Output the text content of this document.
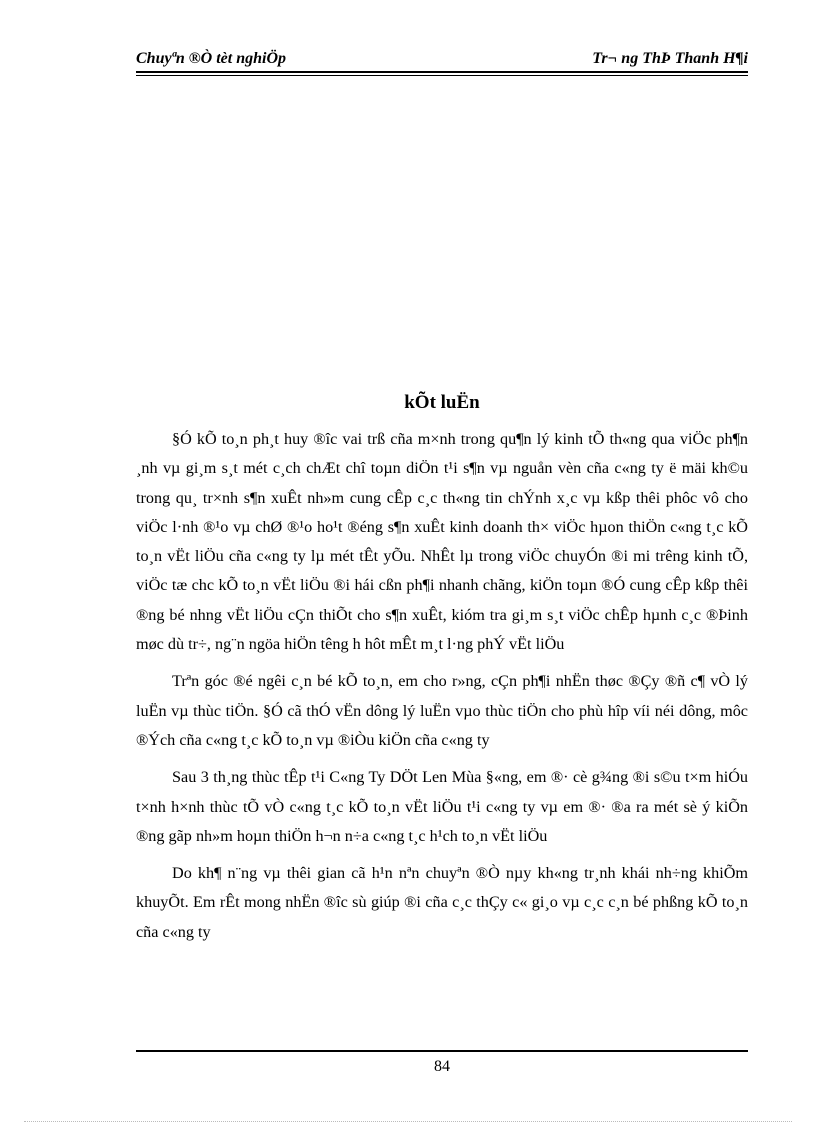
Chuyªn ®Ò tèt nghiÖp	Tr¬ ng ThÞ Thanh H¶i
kÕt luËn

§Ó kÕ to¸n ph¸t huy ®îc vai trß cña m×nh trong qu¶n lý kinh tÕ th«ng qua viÖc ph¶n ¸nh vµ gi¸m s¸t mét c¸ch chÆt chî toµn diÖn t¹i s¶n vµ nguån vèn cña c«ng ty ë mäi kh©u trong qu¸ tr×nh s¶n xuÊt nh»m cung cÊp c¸c th«ng tin chÝnh x¸c vµ kßp thêi phôc vô cho viÖc l·nh ®¹o vµ chØ ®¹o ho¹t ®éng s¶n xuÊt kinh doanh th× viÖc hµon thiÖn c«ng t¸c kÕ to¸n vËt liÖu cña c«ng ty lµ mét tÊt yÕu. NhÊt lµ trong viÖc chuyÓn ®i mi trêng kinh tÕ, viÖc tæ chc kÕ to¸n vËt liÖu ®i hái cßn ph¶i nhanh chãng, kiÖn toµn ®Ó cung cÊp kßp thêi ®ng bé nhng vËt liÖu cÇn thiÕt cho s¶n xuÊt, kióm tra gi¸m s¸t viÖc chÊp hµnh c¸c ®Þinh møc dù tr÷, ng¨n ngöa hiÖn têng h hôt mÊt m¸t l·ng phÝ vËt liÖu

Trªn góc ®é ngêi c¸n bé kÕ to¸n, em cho r»ng, cÇn ph¶i nhËn thøc ®Çy ®ñ c¶ vÒ lý luËn vµ thùc tiÖn. §Ó cã thÓ vËn dông lý luËn vµo thùc tiÖn cho phù hîp víi néi dông, môc ®Ých cña c«ng t¸c kÕ to¸n vµ ®iÒu kiÖn cña c«ng ty

Sau 3 th¸ng thùc tÊp t¹i C«ng Ty DÖt Len Mùa §«ng, em ®· cè g¾ng ®i s©u t×m hiÓu t×nh h×nh thùc tÕ vÒ c«ng t¸c kÕ to¸n vËt liÖu t¹i c«ng ty vµ em ®· ®a ra mét sè ý kiÕn ®ng gãp nh»m hoµn thiÖn h¬n n÷a c«ng t¸c h¹ch to¸n vËt liÖu

Do kh¶ n¨ng vµ thêi gian cã h¹n nªn chuyªn ®Ò nµy kh«ng tr¸nh khái nh÷ng khiÕm khuyÕt. Em rÊt mong nhËn ®îc sù giúp ®i cña c¸c thÇy c« gi¸o vµ c¸c c¸n bé phßng kÕ to¸n cña c«ng ty

84
